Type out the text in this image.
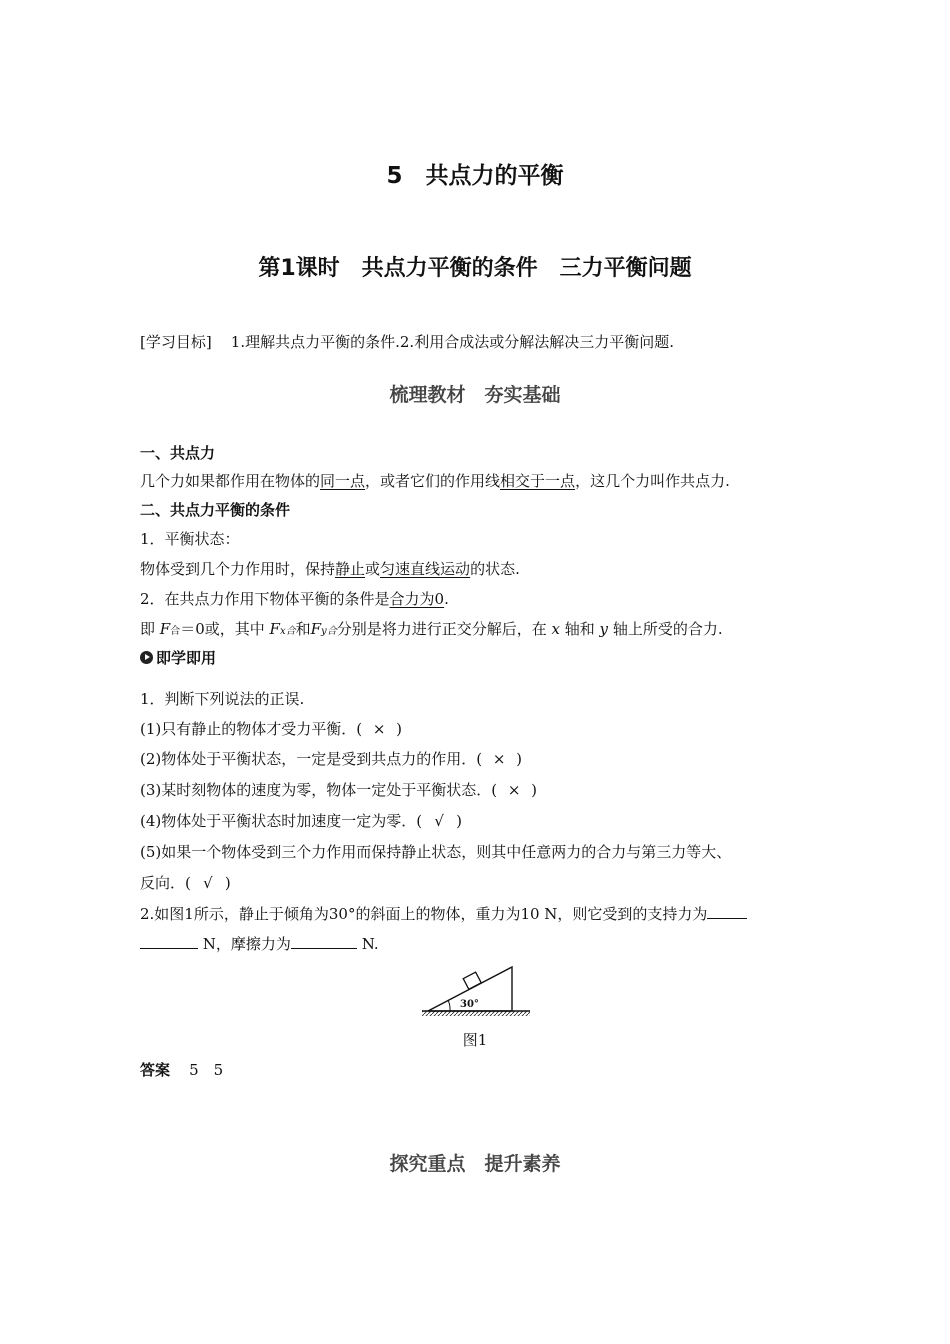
5　共点力的平衡
第1课时　共点力平衡的条件　三力平衡问题
[学习目标] 1.理解共点力平衡的条件.2.利用合成法或分解法解决三力平衡问题.
梳理教材　夯实基础
一、共点力
几个力如果都作用在物体的同一点，或者它们的作用线相交于一点，这几个力叫作共点力.
二、共点力平衡的条件
1．平衡状态：
物体受到几个力作用时，保持静止或匀速直线运动的状态.
2．在共点力作用下物体平衡的条件是合力为0.
即 F合＝0或，其中 Fx合和Fy合分别是将力进行正交分解后，在 x 轴和 y 轴上所受的合力.
即学即用
1．判断下列说法的正误.
(1)只有静止的物体才受力平衡．( × )
(2)物体处于平衡状态，一定是受到共点力的作用．( × )
(3)某时刻物体的速度为零，物体一定处于平衡状态．( × )
(4)物体处于平衡状态时加速度一定为零．( √ )
(5)如果一个物体受到三个力作用而保持静止状态，则其中任意两力的合力与第三力等大、
反向．( √ )
2.如图1所示，静止于倾角为30°的斜面上的物体，重力为10 N，则它受到的支持力为
N，摩擦力为	N.
30°
图1
答案 5　5
探究重点　提升素养
